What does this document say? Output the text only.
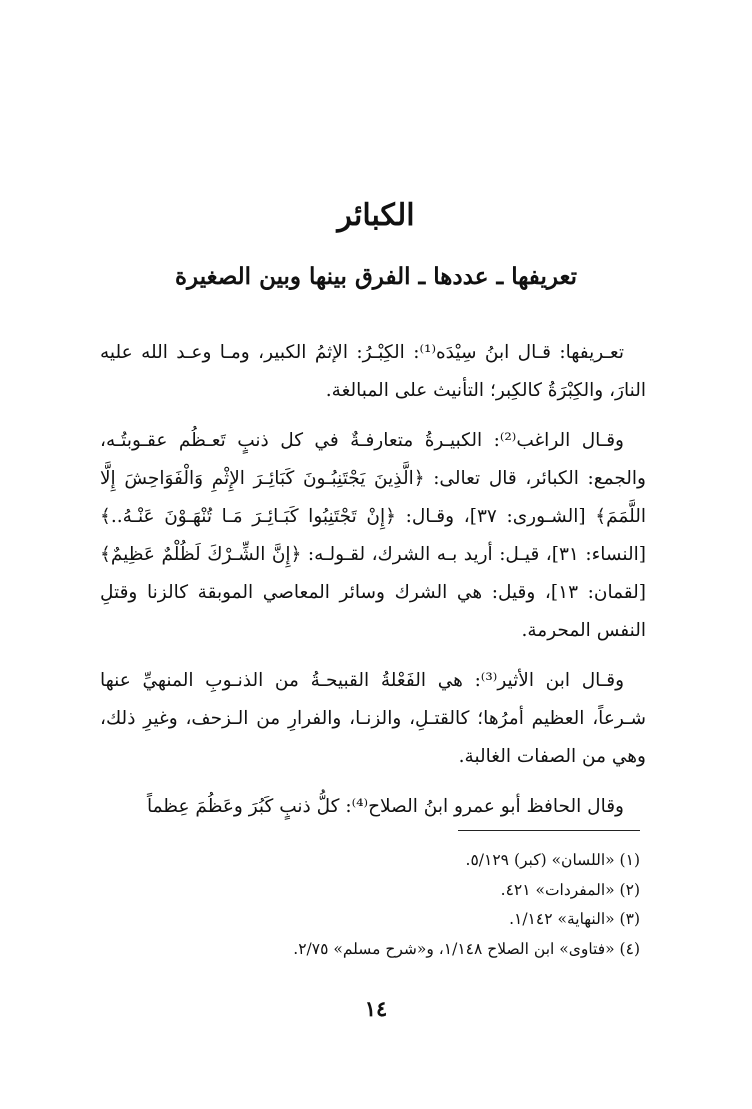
الكبائر
تعريفها ـ عددها ـ الفرق بينها وبين الصغيرة

تعـريفها: قـال ابنُ سِيْدَه⁽¹⁾: الكِبْـرُ: الإثمُ الكبير، ومـا وعـد الله عليه النارَ، والكِبْرَةُ كالكِبر؛ التأنيث على المبالغة.

وقـال الراغب⁽²⁾: الكبيـرةُ متعارفـةٌ في كل ذنبٍ تَعـظُم عقـوبتُـه، والجمع: الكبائر، قال تعالى: ﴿الَّذِينَ يَجْتَنِبُـونَ كَبَائِـرَ الإِثْمِ وَالْفَوَاحِشَ إِلَّا اللَّمَمَ﴾ [الشـورى: ٣٧]، وقـال: ﴿إِنْ تَجْتَنِبُوا كَبَـائِـرَ مَـا تُنْهَـوْنَ عَنْـهُ..﴾ [النساء: ٣١]، قيـل: أريد بـه الشرك، لقـولـه: ﴿إِنَّ الشِّـرْكَ لَظُلْمٌ عَظِيمٌ﴾ [لقمان: ١٣]، وقيل: هي الشرك وسائر المعاصي الموبقة كالزنا وقتلِ النفس المحرمة.

وقـال ابن الأثير⁽³⁾: هي الفَعْلةُ القبيحـةُ من الذنـوبِ المنهيِّ عنها شـرعاً، العظيم أمرُها؛ كالقتـلِ، والزنـا، والفرارِ من الـزحف، وغيرِ ذلك، وهي من الصفات الغالبة.

وقال الحافظ أبو عمرو ابنُ الصلاح⁽⁴⁾: كلُّ ذنبٍ كَبُرَ وعَظُمَ عِظماً

(١) «اللسان» (كبر) ٥/١٢٩.
(٢) «المفردات» ٤٢١.
(٣) «النهاية» ١/١٤٢.
(٤) «فتاوى» ابن الصلاح ١/١٤٨، و«شرح مسلم» ٢/٧٥.
١٤
